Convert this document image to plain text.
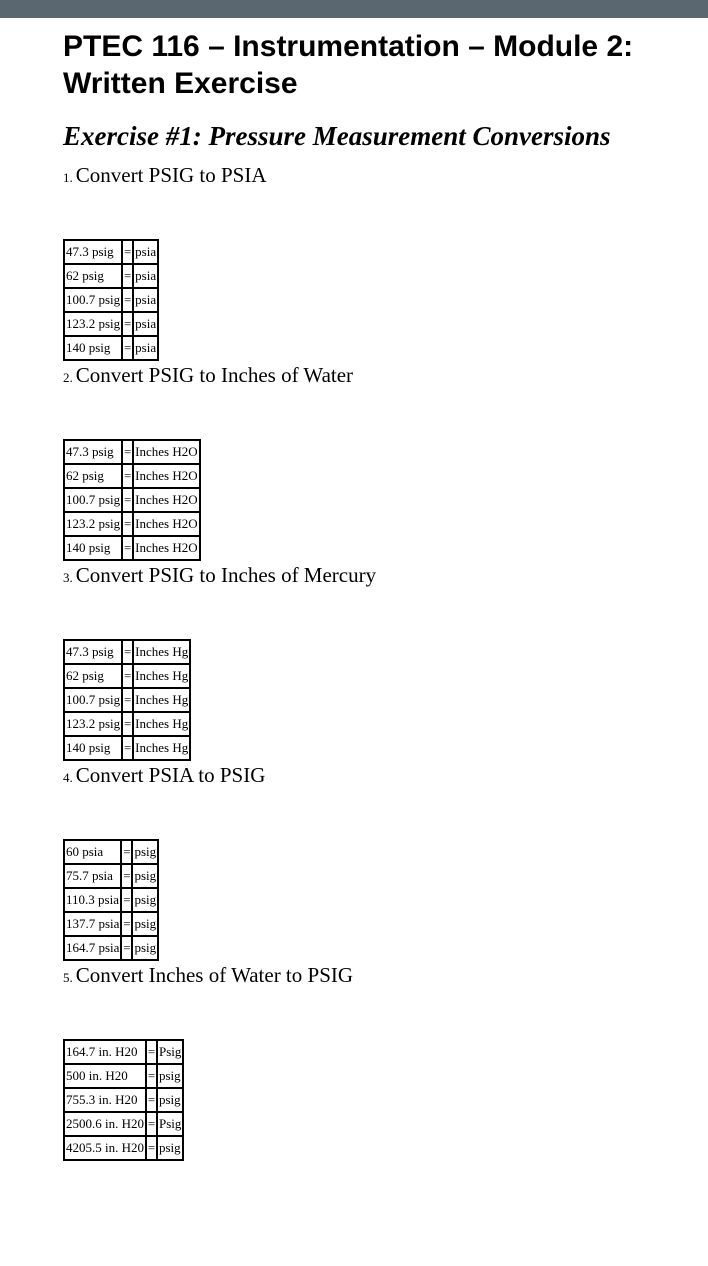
PTEC 116 – Instrumentation – Module 2: Written Exercise
Exercise #1: Pressure Measurement Conversions

1. Convert PSIG to PSIA

47.3 psig	=	psia
62 psig	=	psia
100.7 psig	=	psia
123.2 psig	=	psia
140 psig	=	psia

2. Convert PSIG to Inches of Water

47.3 psig	=	Inches H2O
62 psig	=	Inches H2O
100.7 psig	=	Inches H2O
123.2 psig	=	Inches H2O
140 psig	=	Inches H2O

3. Convert PSIG to Inches of Mercury

47.3 psig	=	Inches Hg
62 psig	=	Inches Hg
100.7 psig	=	Inches Hg
123.2 psig	=	Inches Hg
140 psig	=	Inches Hg

4. Convert PSIA to PSIG

60 psia	=	psig
75.7 psia	=	psig
110.3 psia	=	psig
137.7 psia	=	psig
164.7 psia	=	psig

5. Convert Inches of Water to PSIG

164.7 in. H20	=	Psig
500 in. H20	=	psig
755.3 in. H20	=	psig
2500.6 in. H20	=	Psig
4205.5 in. H20	=	psig
